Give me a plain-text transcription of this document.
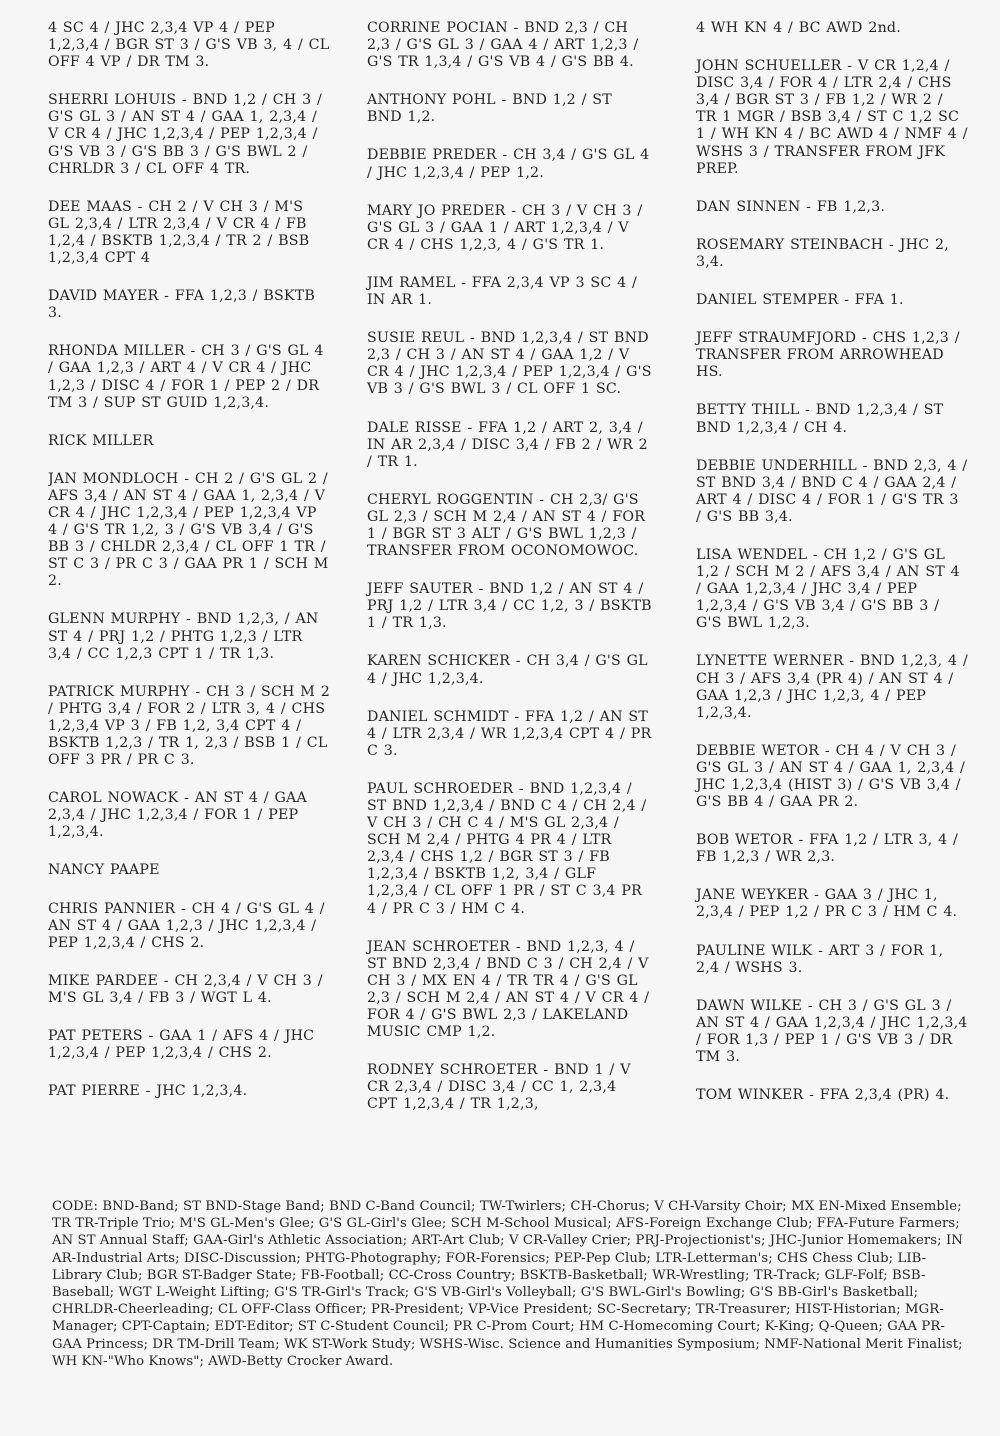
4 SC 4 / JHC 2,3,4 VP 4 / PEP 1,2,3,4 / BGR ST 3 / G'S VB 3, 4 / CL OFF 4 VP / DR TM 3.

SHERRI LOHUIS - BND 1,2 / CH 3 / G'S GL 3 / AN ST 4 / GAA 1, 2,3,4 / V CR 4 / JHC 1,2,3,4 / PEP 1,2,3,4 / G'S VB 3 / G'S BB 3 / G'S BWL 2 / CHRLDR 3 / CL OFF 4 TR.

DEE MAAS - CH 2 / V CH 3 / M'S GL 2,3,4 / LTR 2,3,4 / V CR 4 / FB 1,2,4 / BSKTB 1,2,3,4 / TR 2 / BSB 1,2,3,4 CPT 4

DAVID MAYER - FFA 1,2,3 / BSKTB 3.

RHONDA MILLER - CH 3 / G'S GL 4 / GAA 1,2,3 / ART 4 / V CR 4 / JHC 1,2,3 / DISC 4 / FOR 1 / PEP 2 / DR TM 3 / SUP ST GUID 1,2,3,4.

RICK MILLER

JAN MONDLOCH - CH 2 / G'S GL 2 / AFS 3,4 / AN ST 4 / GAA 1, 2,3,4 / V CR 4 / JHC 1,2,3,4 / PEP 1,2,3,4 VP 4 / G'S TR 1,2, 3 / G'S VB 3,4 / G'S BB 3 / CHLDR 2,3,4 / CL OFF 1 TR / ST C 3 / PR C 3 / GAA PR 1 / SCH M 2.

GLENN MURPHY - BND 1,2,3, / AN ST 4 / PRJ 1,2 / PHTG 1,2,3 / LTR 3,4 / CC 1,2,3 CPT 1 / TR 1,3.

PATRICK MURPHY - CH 3 / SCH M 2 / PHTG 3,4 / FOR 2 / LTR 3, 4 / CHS 1,2,3,4 VP 3 / FB 1,2, 3,4 CPT 4 / BSKTB 1,2,3 / TR 1, 2,3 / BSB 1 / CL OFF 3 PR / PR C 3.

CAROL NOWACK - AN ST 4 / GAA 2,3,4 / JHC 1,2,3,4 / FOR 1 / PEP 1,2,3,4.

NANCY PAAPE

CHRIS PANNIER - CH 4 / G'S GL 4 / AN ST 4 / GAA 1,2,3 / JHC 1,2,3,4 / PEP 1,2,3,4 / CHS 2.

MIKE PARDEE - CH 2,3,4 / V CH 3 / M'S GL 3,4 / FB 3 / WGT L 4.

PAT PETERS - GAA 1 / AFS 4 / JHC 1,2,3,4 / PEP 1,2,3,4 / CHS 2.

PAT PIERRE - JHC 1,2,3,4.

CORRINE POCIAN - BND 2,3 / CH 2,3 / G'S GL 3 / GAA 4 / ART 1,2,3 / G'S TR 1,3,4 / G'S VB 4 / G'S BB 4.

ANTHONY POHL - BND 1,2 / ST BND 1,2.

DEBBIE PREDER - CH 3,4 / G'S GL 4 / JHC 1,2,3,4 / PEP 1,2.

MARY JO PREDER - CH 3 / V CH 3 / G'S GL 3 / GAA 1 / ART 1,2,3,4 / V CR 4 / CHS 1,2,3, 4 / G'S TR 1.

JIM RAMEL - FFA 2,3,4 VP 3 SC 4 / IN AR 1.

SUSIE REUL - BND 1,2,3,4 / ST BND 2,3 / CH 3 / AN ST 4 / GAA 1,2 / V CR 4 / JHC 1,2,3,4 / PEP 1,2,3,4 / G'S VB 3 / G'S BWL 3 / CL OFF 1 SC.

DALE RISSE - FFA 1,2 / ART 2, 3,4 / IN AR 2,3,4 / DISC 3,4 / FB 2 / WR 2 / TR 1.

CHERYL ROGGENTIN - CH 2,3/ G'S GL 2,3 / SCH M 2,4 / AN ST 4 / FOR 1 / BGR ST 3 ALT / G'S BWL 1,2,3 / TRANSFER FROM OCONOMOWOC.

JEFF SAUTER - BND 1,2 / AN ST 4 / PRJ 1,2 / LTR 3,4 / CC 1,2, 3 / BSKTB 1 / TR 1,3.

KAREN SCHICKER - CH 3,4 / G'S GL 4 / JHC 1,2,3,4.

DANIEL SCHMIDT - FFA 1,2 / AN ST 4 / LTR 2,3,4 / WR 1,2,3,4 CPT 4 / PR C 3.

PAUL SCHROEDER - BND 1,2,3,4 / ST BND 1,2,3,4 / BND C 4 / CH 2,4 / V CH 3 / CH C 4 / M'S GL 2,3,4 / SCH M 2,4 / PHTG 4 PR 4 / LTR 2,3,4 / CHS 1,2 / BGR ST 3 / FB 1,2,3,4 / BSKTB 1,2, 3,4 / GLF 1,2,3,4 / CL OFF 1 PR / ST C 3,4 PR 4 / PR C 3 / HM C 4.

JEAN SCHROETER - BND 1,2,3, 4 / ST BND 2,3,4 / BND C 3 / CH 2,4 / V CH 3 / MX EN 4 / TR TR 4 / G'S GL 2,3 / SCH M 2,4 / AN ST 4 / V CR 4 / FOR 4 / G'S BWL 2,3 / LAKELAND MUSIC CMP 1,2.

RODNEY SCHROETER - BND 1 / V CR 2,3,4 / DISC 3,4 / CC 1, 2,3,4 CPT 1,2,3,4 / TR 1,2,3,

4 WH KN 4 / BC AWD 2nd.

JOHN SCHUELLER - V CR 1,2,4 / DISC 3,4 / FOR 4 / LTR 2,4 / CHS 3,4 / BGR ST 3 / FB 1,2 / WR 2 / TR 1 MGR / BSB 3,4 / ST C 1,2 SC 1 / WH KN 4 / BC AWD 4 / NMF 4 / WSHS 3 / TRANSFER FROM JFK PREP.

DAN SINNEN - FB 1,2,3.

ROSEMARY STEINBACH - JHC 2, 3,4.

DANIEL STEMPER - FFA 1.

JEFF STRAUMFJORD - CHS 1,2,3 / TRANSFER FROM ARROWHEAD HS.

BETTY THILL - BND 1,2,3,4 / ST BND 1,2,3,4 / CH 4.

DEBBIE UNDERHILL - BND 2,3, 4 / ST BND 3,4 / BND C 4 / GAA 2,4 / ART 4 / DISC 4 / FOR 1 / G'S TR 3 / G'S BB 3,4.

LISA WENDEL - CH 1,2 / G'S GL 1,2 / SCH M 2 / AFS 3,4 / AN ST 4 / GAA 1,2,3,4 / JHC 3,4 / PEP 1,2,3,4 / G'S VB 3,4 / G'S BB 3 / G'S BWL 1,2,3.

LYNETTE WERNER - BND 1,2,3, 4 / CH 3 / AFS 3,4 (PR 4) / AN ST 4 / GAA 1,2,3 / JHC 1,2,3, 4 / PEP 1,2,3,4.

DEBBIE WETOR - CH 4 / V CH 3 / G'S GL 3 / AN ST 4 / GAA 1, 2,3,4 / JHC 1,2,3,4 (HIST 3) / G'S VB 3,4 / G'S BB 4 / GAA PR 2.

BOB WETOR - FFA 1,2 / LTR 3, 4 / FB 1,2,3 / WR 2,3.

JANE WEYKER - GAA 3 / JHC 1, 2,3,4 / PEP 1,2 / PR C 3 / HM C 4.

PAULINE WILK - ART 3 / FOR 1, 2,4 / WSHS 3.

DAWN WILKE - CH 3 / G'S GL 3 / AN ST 4 / GAA 1,2,3,4 / JHC 1,2,3,4 / FOR 1,3 / PEP 1 / G'S VB 3 / DR TM 3.

TOM WINKER - FFA 2,3,4 (PR) 4.

CODE: BND-Band; ST BND-Stage Band; BND C-Band Council; TW-Twirlers; CH-Chorus; V CH-Varsity Choir; MX EN-Mixed Ensemble; TR TR-Triple Trio; M'S GL-Men's Glee; G'S GL-Girl's Glee; SCH M-School Musical; AFS-Foreign Exchange Club; FFA-Future Farmers; AN ST Annual Staff; GAA-Girl's Athletic Association; ART-Art Club; V CR-Valley Crier; PRJ-Projectionist's; JHC-Junior Homemakers; IN AR-Industrial Arts; DISC-Discussion; PHTG-Photography; FOR-Forensics; PEP-Pep Club; LTR-Letterman's; CHS Chess Club; LIB-Library Club; BGR ST-Badger State; FB-Football; CC-Cross Country; BSKTB-Basketball; WR-Wrestling; TR-Track; GLF-Folf; BSB-Baseball; WGT L-Weight Lifting; G'S TR-Girl's Track; G'S VB-Girl's Volleyball; G'S BWL-Girl's Bowling; G'S BB-Girl's Basketball; CHRLDR-Cheerleading; CL OFF-Class Officer; PR-President; VP-Vice President; SC-Secretary; TR-Treasurer; HIST-Historian; MGR-Manager; CPT-Captain; EDT-Editor; ST C-Student Council; PR C-Prom Court; HM C-Homecoming Court; K-King; Q-Queen; GAA PR-GAA Princess; DR TM-Drill Team; WK ST-Work Study; WSHS-Wisc. Science and Humanities Symposium; NMF-National Merit Finalist; WH KN-"Who Knows"; AWD-Betty Crocker Award.
